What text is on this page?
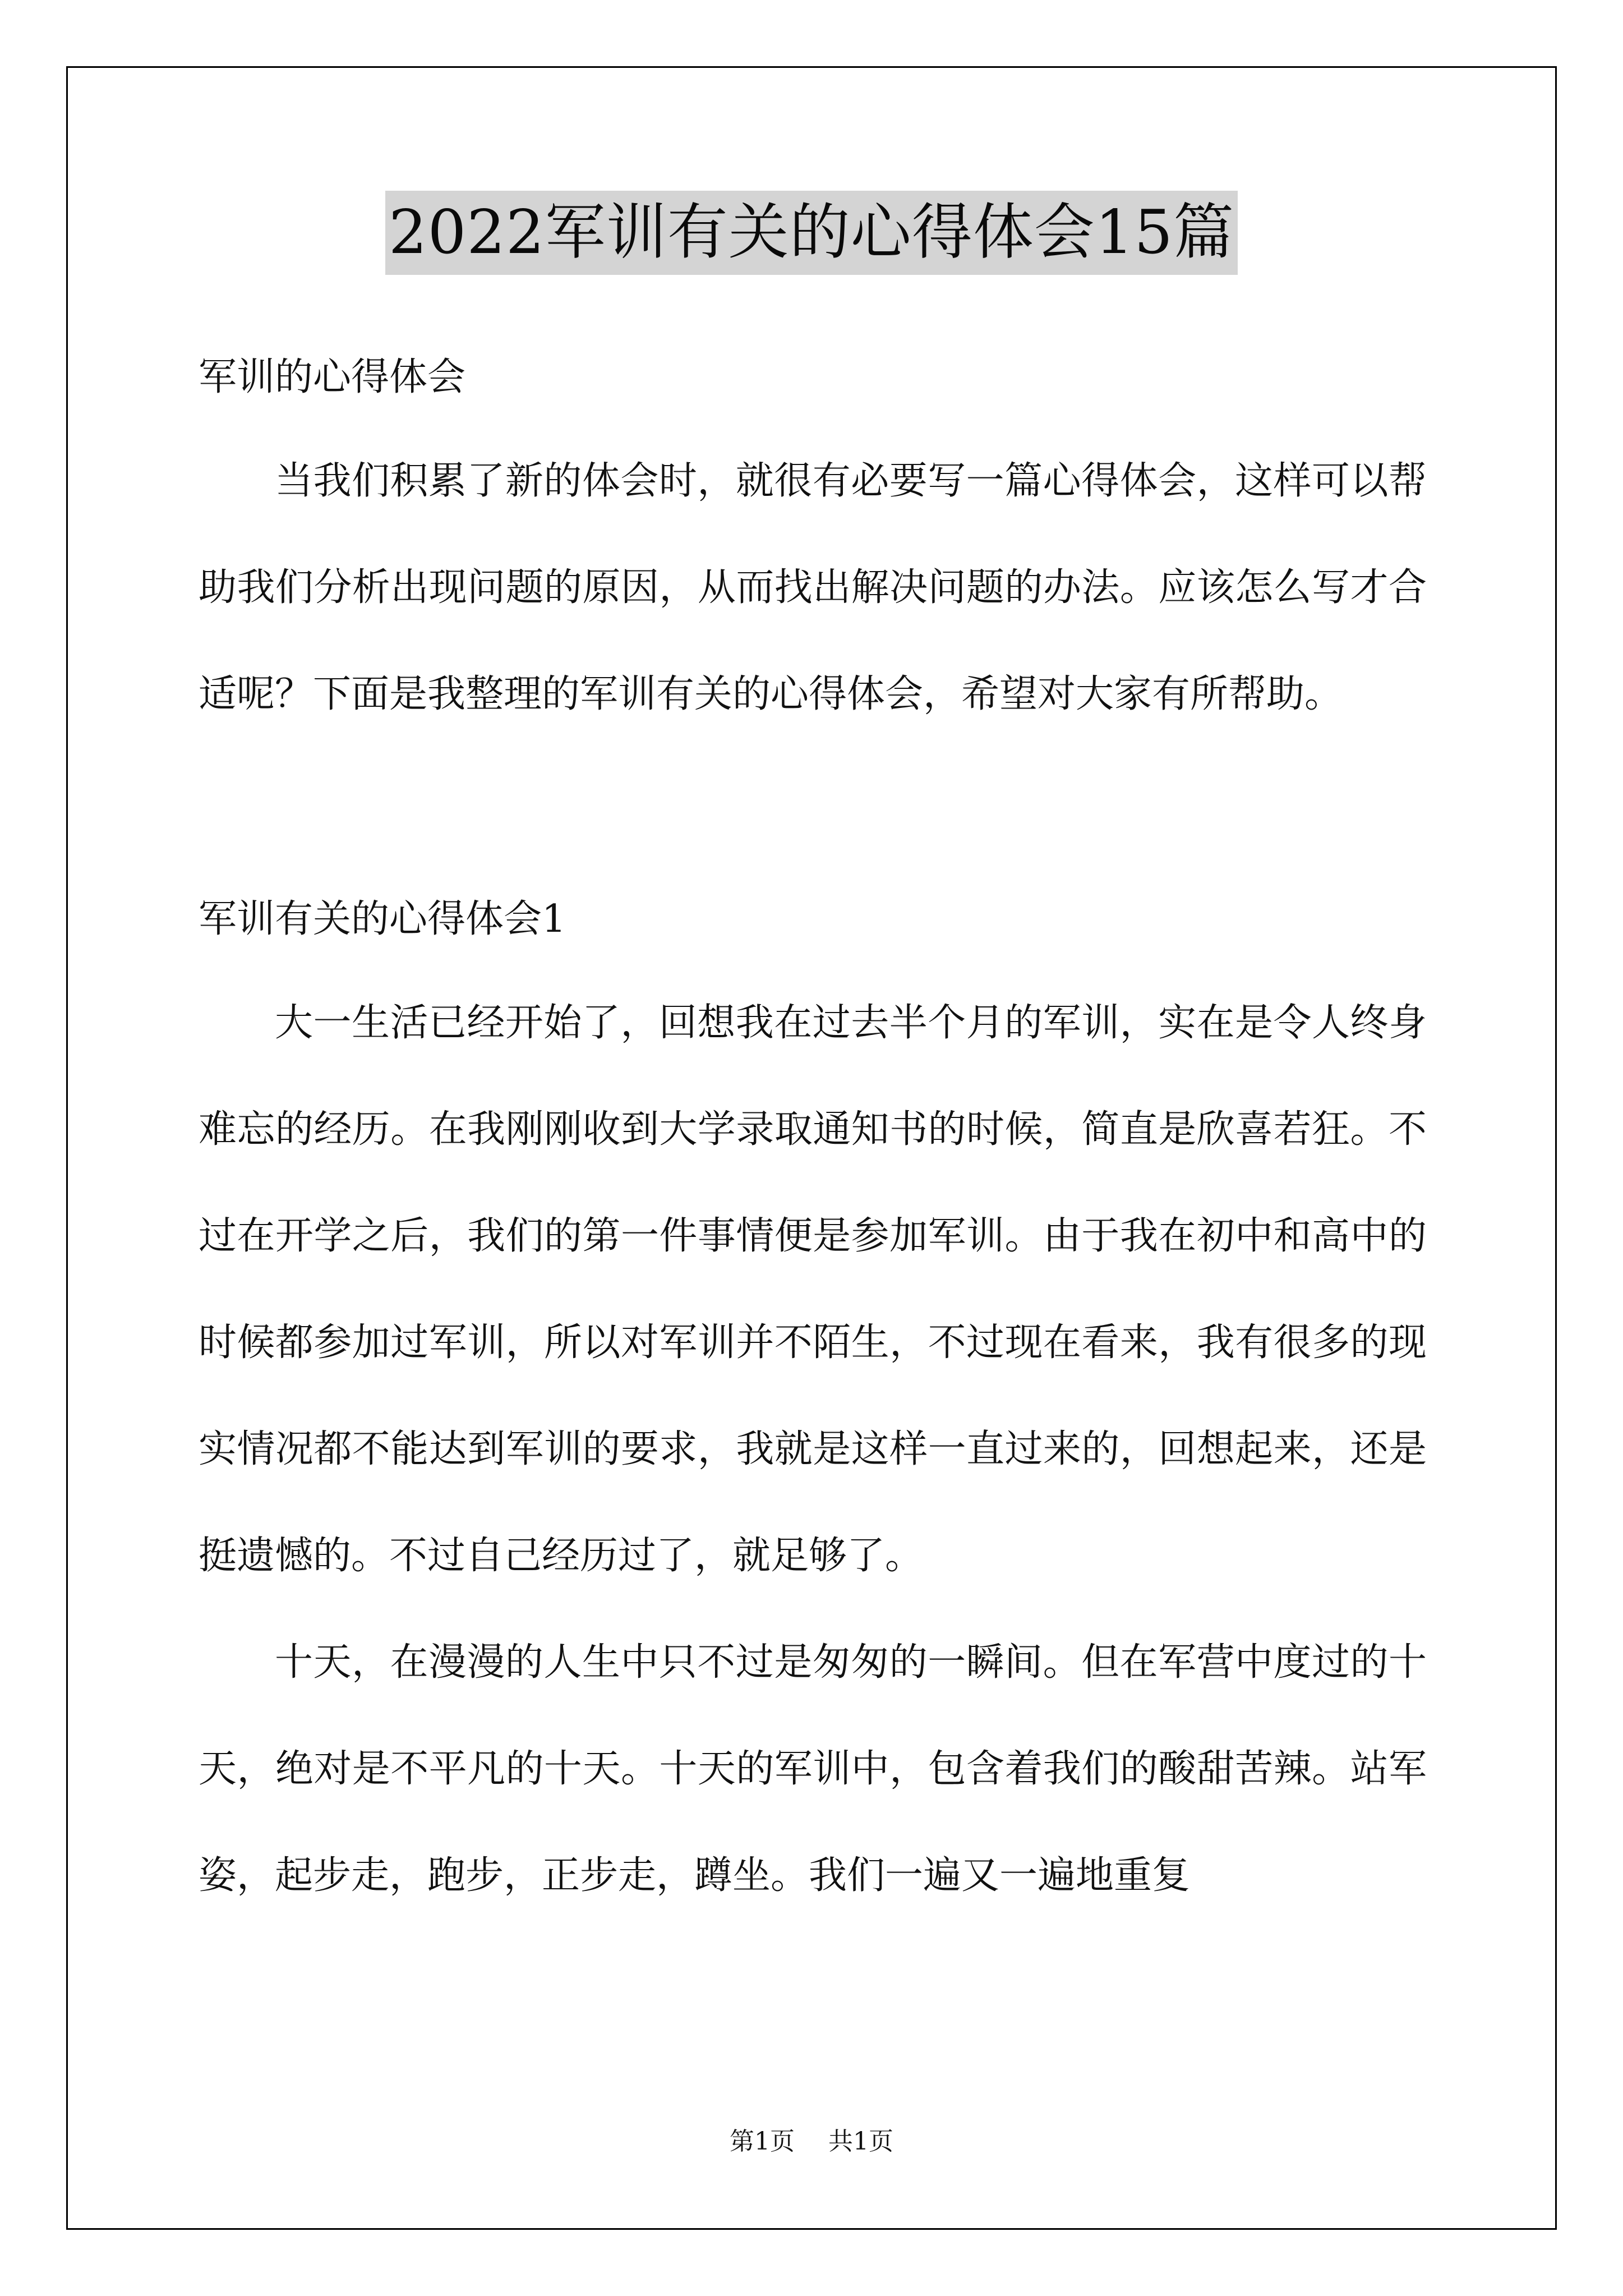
2022军训有关的心得体会15篇

军训的心得体会

当我们积累了新的体会时，就很有必要写一篇心得体会，这样可以帮助我们分析出现问题的原因，从而找出解决问题的办法。应该怎么写才合适呢？下面是我整理的军训有关的心得体会，希望对大家有所帮助。

军训有关的心得体会1

大一生活已经开始了，回想我在过去半个月的军训，实在是令人终身难忘的经历。在我刚刚收到大学录取通知书的时候，简直是欣喜若狂。不过在开学之后，我们的第一件事情便是参加军训。由于我在初中和高中的时候都参加过军训，所以对军训并不陌生，不过现在看来，我有很多的现实情况都不能达到军训的要求，我就是这样一直过来的，回想起来，还是挺遗憾的。不过自己经历过了，就足够了。

十天，在漫漫的人生中只不过是匆匆的一瞬间。但在军营中度过的十天，绝对是不平凡的十天。十天的军训中，包含着我们的酸甜苦辣。站军姿，起步走，跑步，正步走，蹲坐。我们一遍又一遍地重复

第1页 共1页
